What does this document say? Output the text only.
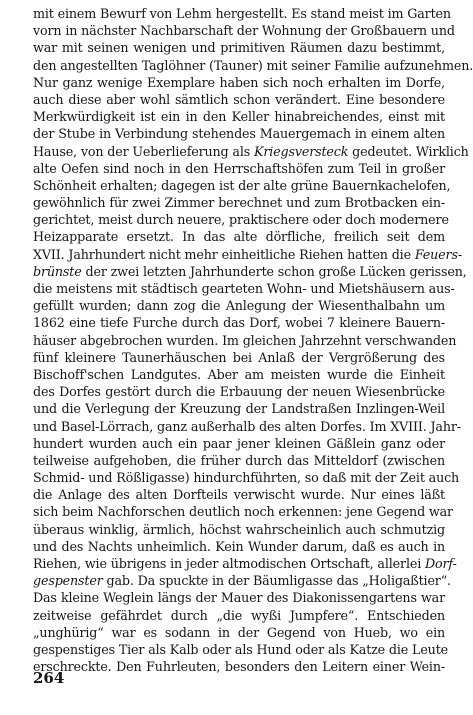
mit einem Bewurf von Lehm hergestellt. Es stand meist im Garten
vorn in nächster Nachbarschaft der Wohnung der Großbauern und
war mit seinen wenigen und primitiven Räumen dazu bestimmt,
den angestellten Taglöhner (Tauner) mit seiner Familie aufzunehmen.
Nur ganz wenige Exemplare haben sich noch erhalten im Dorfe,
auch diese aber wohl sämtlich schon verändert. Eine besondere
Merkwürdigkeit ist ein in den Keller hinabreichendes, einst mit
der Stube in Verbindung stehendes Mauergemach in einem alten
Hause, von der Ueberlieferung als Kriegsversteck gedeutet. Wirklich
alte Oefen sind noch in den Herrschaftshöfen zum Teil in großer
Schönheit erhalten; dagegen ist der alte grüne Bauernkachelofen,
gewöhnlich für zwei Zimmer berechnet und zum Brotbacken ein-
gerichtet, meist durch neuere, praktischere oder doch modernere
Heizapparate ersetzt. In das alte dörfliche, freilich seit dem
XVII. Jahrhundert nicht mehr einheitliche Riehen hatten die Feuers-
brünste der zwei letzten Jahrhunderte schon große Lücken gerissen,
die meistens mit städtisch gearteten Wohn- und Mietshäusern aus-
gefüllt wurden; dann zog die Anlegung der Wiesenthalbahn um
1862 eine tiefe Furche durch das Dorf, wobei 7 kleinere Bauern-
häuser abgebrochen wurden. Im gleichen Jahrzehnt verschwanden
fünf kleinere Taunerhäuschen bei Anlaß der Vergrößerung des
Bischoff'schen Landgutes. Aber am meisten wurde die Einheit
des Dorfes gestört durch die Erbauung der neuen Wiesenbrücke
und die Verlegung der Kreuzung der Landstraßen Inzlingen-Weil
und Basel-Lörrach, ganz außerhalb des alten Dorfes. Im XVIII. Jahr-
hundert wurden auch ein paar jener kleinen Gäßlein ganz oder
teilweise aufgehoben, die früher durch das Mitteldorf (zwischen
Schmid- und Rößligasse) hindurchführten, so daß mit der Zeit auch
die Anlage des alten Dorfteils verwischt wurde. Nur eines läßt
sich beim Nachforschen deutlich noch erkennen: jene Gegend war
überaus winklig, ärmlich, höchst wahrscheinlich auch schmutzig
und des Nachts unheimlich. Kein Wunder darum, daß es auch in
Riehen, wie übrigens in jeder altmodischen Ortschaft, allerlei Dorf-
gespenster gab. Da spuckte in der Bäumligasse das „Holigaßtier“.
Das kleine Weglein längs der Mauer des Diakonissengartens war
zeitweise gefährdet durch „die wyßi Jumpfere“. Entschieden
„unghürig“ war es sodann in der Gegend von Hueb, wo ein
gespenstiges Tier als Kalb oder als Hund oder als Katze die Leute
erschreckte. Den Fuhrleuten, besonders den Leitern einer Wein-
264
